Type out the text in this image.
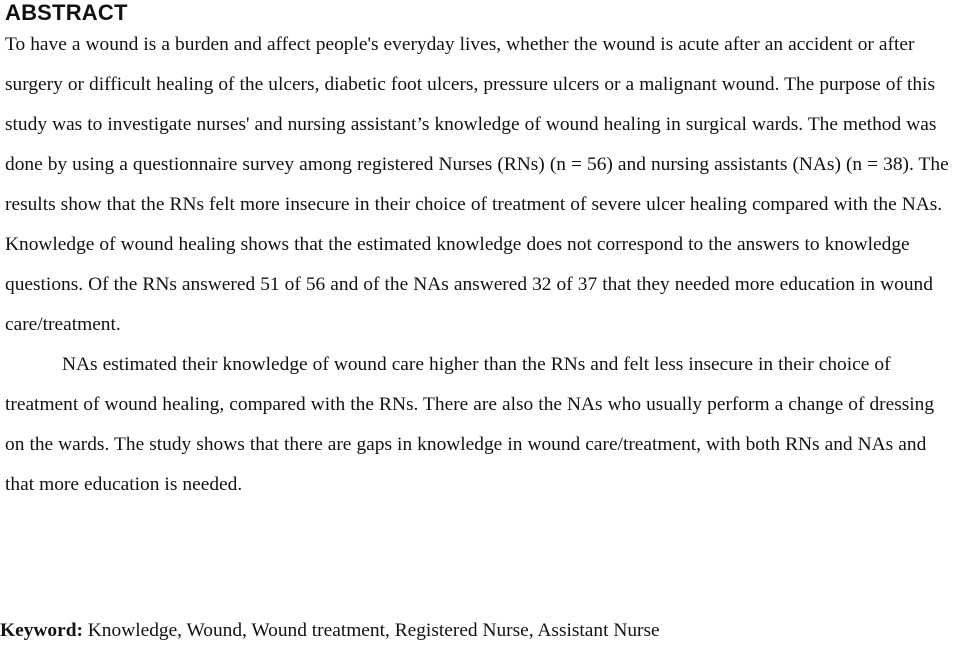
ABSTRACT

To have a wound is a burden and affect people's everyday lives, whether the wound is acute after an accident or after surgery or difficult healing of the ulcers, diabetic foot ulcers, pressure ulcers or a malignant wound. The purpose of this study was to investigate nurses' and nursing assistant’s knowledge of wound healing in surgical wards. The method was done by using a questionnaire survey among registered Nurses (RNs) (n = 56) and nursing assistants (NAs) (n = 38). The results show that the RNs felt more insecure in their choice of treatment of severe ulcer healing compared with the NAs. Knowledge of wound healing shows that the estimated knowledge does not correspond to the answers to knowledge questions. Of the RNs answered 51 of 56 and of the NAs answered 32 of 37 that they needed more education in wound care/treatment.

NAs estimated their knowledge of wound care higher than the RNs and felt less insecure in their choice of treatment of wound healing, compared with the RNs. There are also the NAs who usually perform a change of dressing on the wards. The study shows that there are gaps in knowledge in wound care/treatment, with both RNs and NAs and that more education is needed.

Keyword: Knowledge, Wound, Wound treatment, Registered Nurse, Assistant Nurse
